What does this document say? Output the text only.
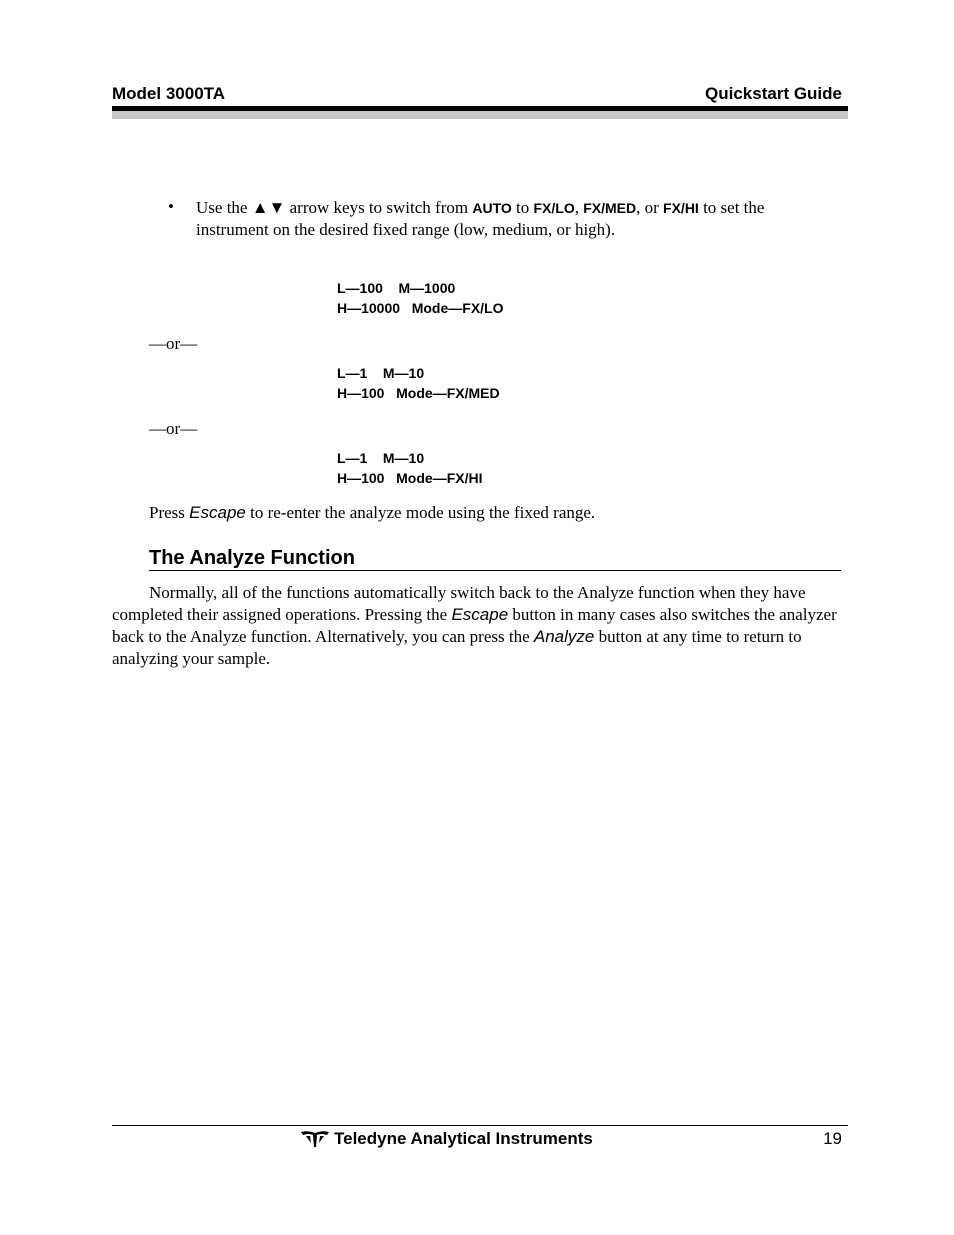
Model 3000TA	Quickstart Guide
• Use the ▲▼ arrow keys to switch from AUTO to FX/LO, FX/MED, or FX/HI to set the instrument on the desired fixed range (low, medium, or high).
L—100    M—1000
H—10000   Mode—FX/LO
—or—
L—1    M—10
H—100   Mode—FX/MED
—or—
L—1    M—10
H—100   Mode—FX/HI
Press Escape to re-enter the analyze mode using the fixed range.
The Analyze Function
Normally, all of the functions automatically switch back to the Analyze function when they have completed their assigned operations. Pressing the Escape button in many cases also switches the analyzer back to the Analyze function. Alternatively, you can press the Analyze button at any time to return to analyzing your sample.
Teledyne Analytical Instruments	19
